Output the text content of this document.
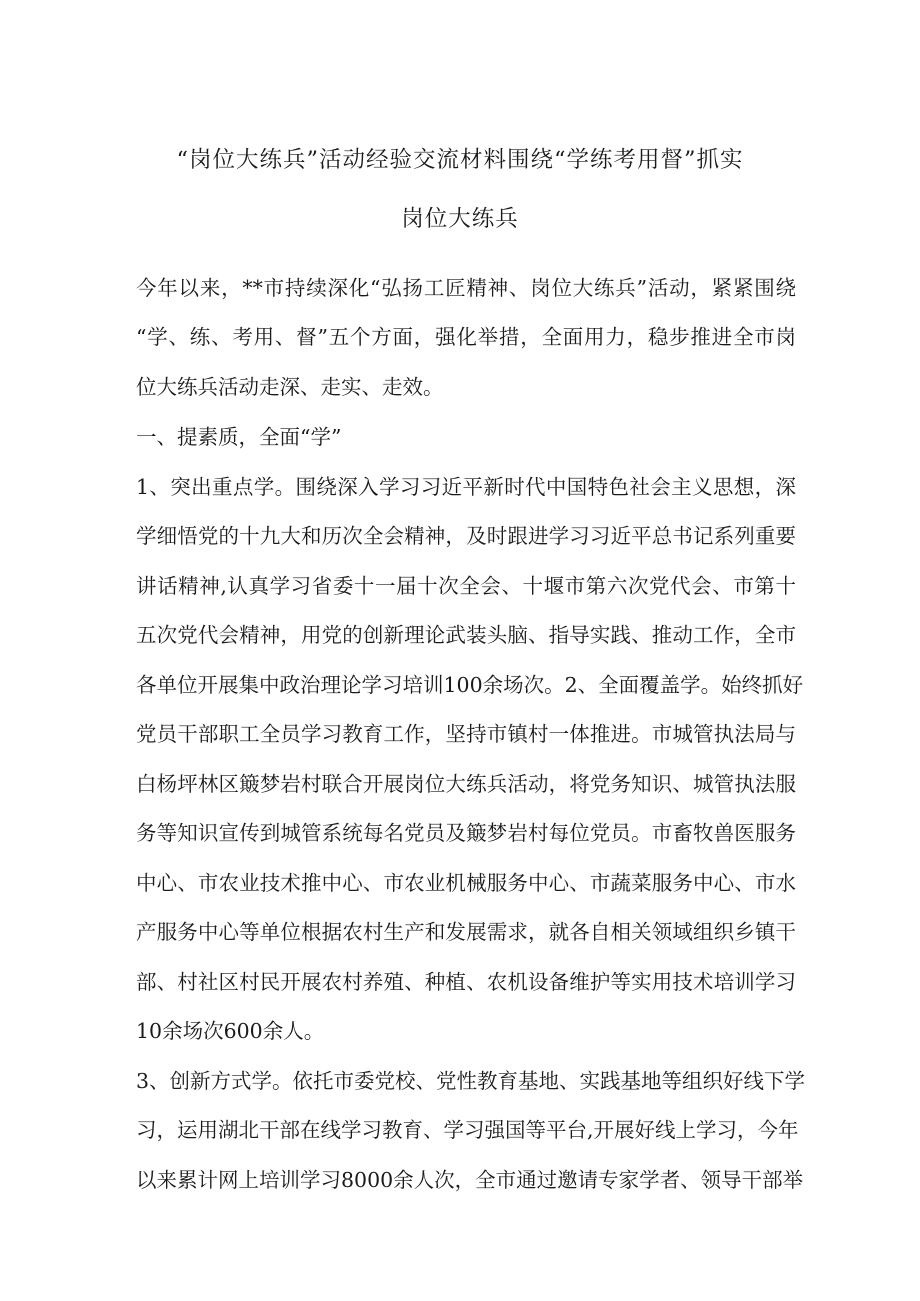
“岗位大练兵”活动经验交流材料围绕“学练考用督”抓实
岗位大练兵
今年以来，**市持续深化“弘扬工匠精神、岗位大练兵”活动，紧紧围绕
“学、练、考用、督”五个方面，强化举措，全面用力，稳步推进全市岗
位大练兵活动走深、走实、走效。
一、提素质，全面“学”
1、突出重点学。围绕深入学习习近平新时代中国特色社会主义思想，深
学细悟党的十九大和历次全会精神，及时跟进学习习近平总书记系列重要
讲话精神,认真学习省委十一届十次全会、十堰市第六次党代会、市第十
五次党代会精神，用党的创新理论武装头脑、指导实践、推动工作，全市
各单位开展集中政治理论学习培训100余场次。2、全面覆盖学。始终抓好
党员干部职工全员学习教育工作，坚持市镇村一体推进。市城管执法局与
白杨坪林区簸梦岩村联合开展岗位大练兵活动，将党务知识、城管执法服
务等知识宣传到城管系统每名党员及簸梦岩村每位党员。市畜牧兽医服务
中心、市农业技术推中心、市农业机械服务中心、市蔬菜服务中心、市水
产服务中心等单位根据农村生产和发展需求，就各自相关领域组织乡镇干
部、村社区村民开展农村养殖、种植、农机设备维护等实用技术培训学习
10余场次600余人。
3、创新方式学。依托市委党校、党性教育基地、实践基地等组织好线下学
习，运用湖北干部在线学习教育、学习强国等平台,开展好线上学习，今年
以来累计网上培训学习8000余人次，全市通过邀请专家学者、领导干部举
